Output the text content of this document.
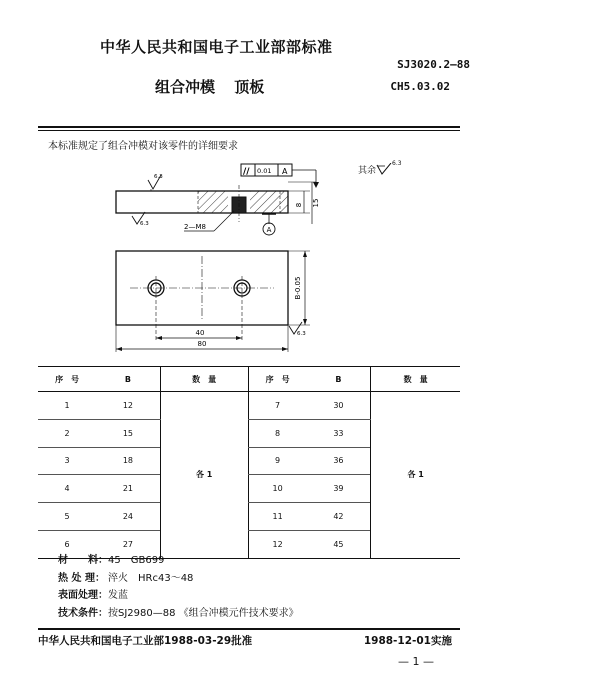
中华人民共和国电子工业部部标准
SJ3020.2—88
CH5.03.02
组合冲模 顶板
本标准规定了组合冲模对该零件的详细要求
其余$^{6.3}$
8 15
// 0.01 A
6.3
6.3
A
2—M8
40
80
B-0.05
6.3
序　号	B	数　量	序　号	B	数　量
1	12	各 1	7	30	各 1
2	15		8	33	
3	18		9	36	
4	21		10	39	
5	24		11	42	
6	27		12	45	
材　　料：45　GB699
热 处 理： 淬火　HRc43～48
表面处理：发蓝
技术条件：按SJ2980—88 《组合冲模元件技术要求》
中华人民共和国电子工业部1988-03-29批准	1988-12-01实施
— 1 —
